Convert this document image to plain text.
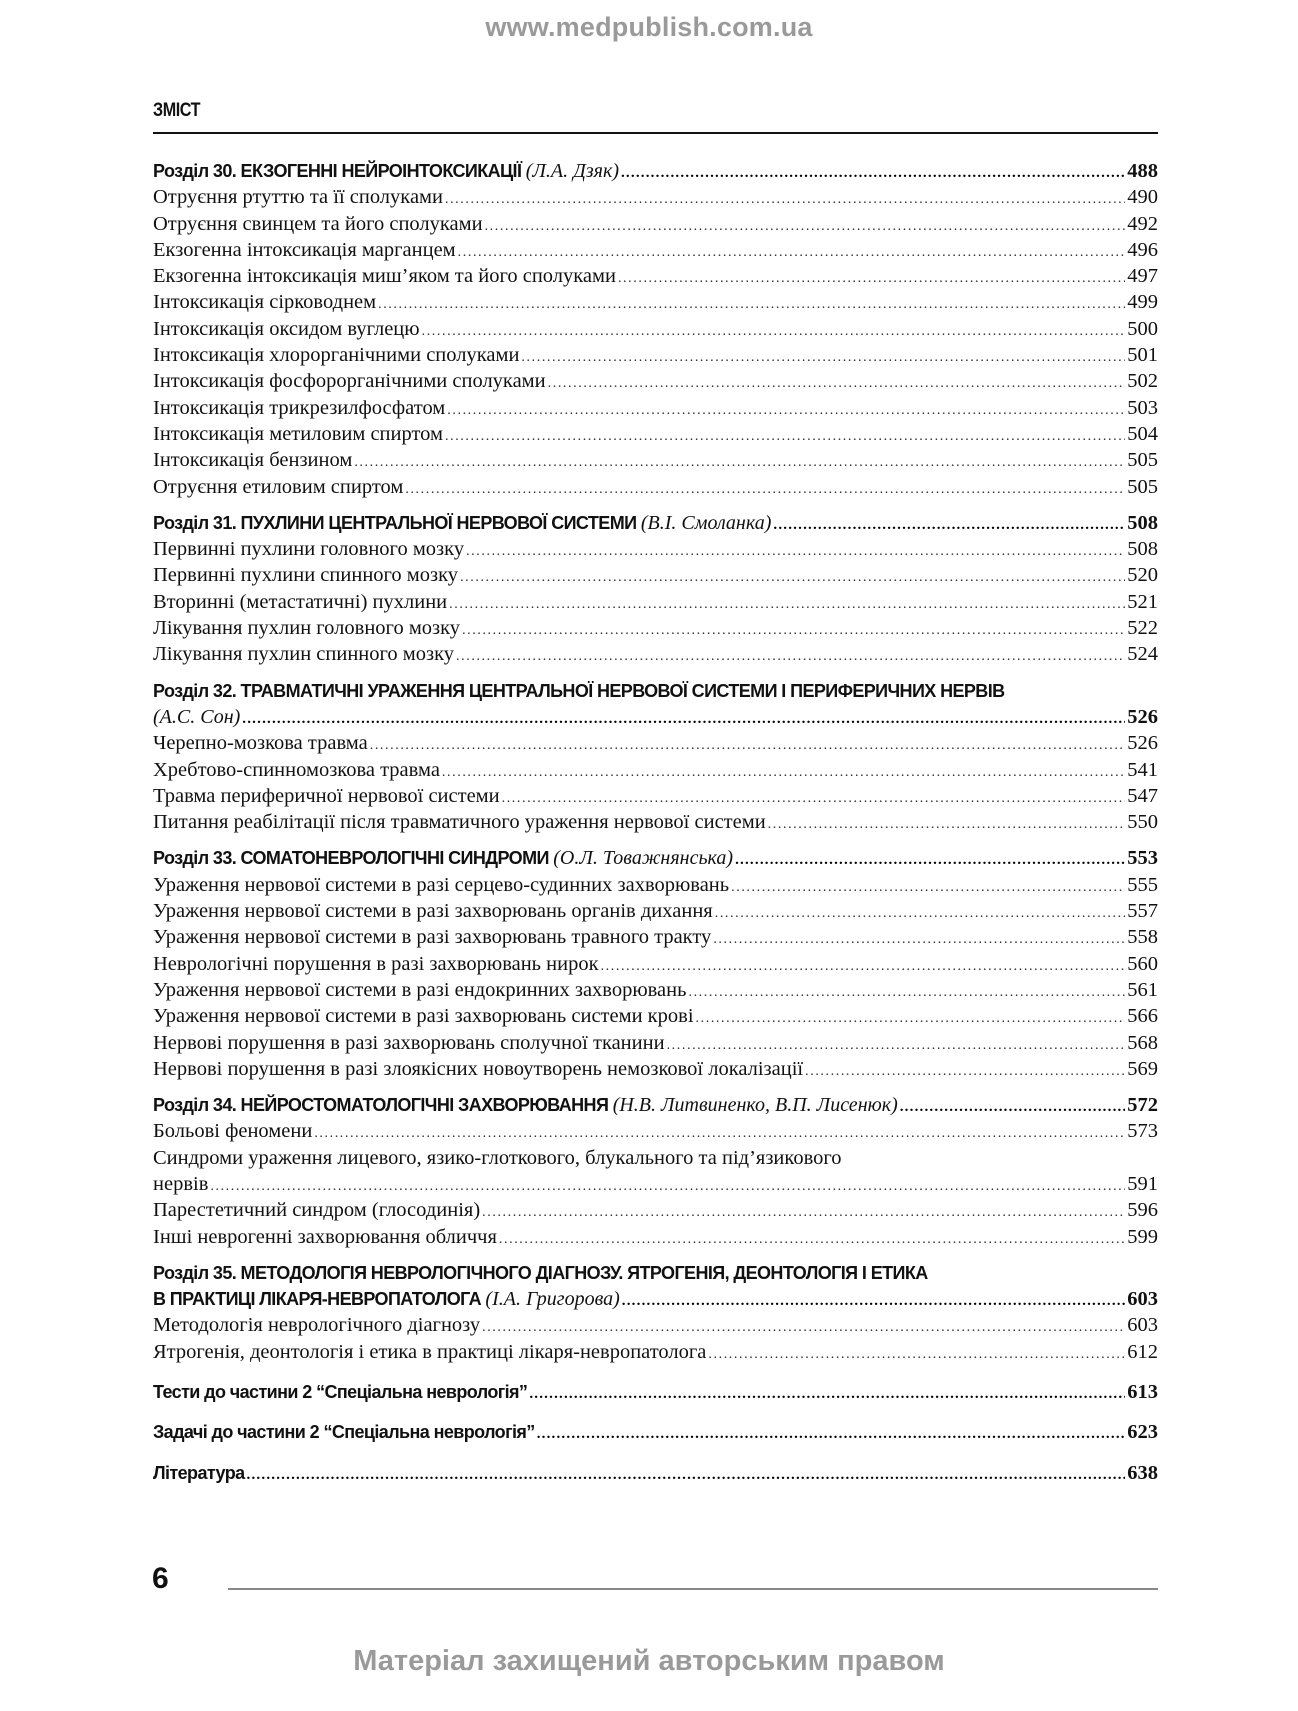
www.medpublish.com.ua
ЗМІСТ
Розділ 30. ЕКЗОГЕННІ НЕЙРОІНТОКСИКАЦІЇ (Л.А. Дзяк) .....	488
Отруєння ртуттю та її сполуками .....	490
Отруєння свинцем та його сполуками .....	492
Екзогенна інтоксикація марганцем .....	496
Екзогенна інтоксикація миш’яком та його сполуками .....	497
Інтоксикація сірководнем .....	499
Інтоксикація оксидом вуглецю .....	500
Інтоксикація хлорорганічними сполуками .....	501
Інтоксикація фосфорорганічними сполуками .....	502
Інтоксикація трикрезилфосфатом .....	503
Інтоксикація метиловим спиртом .....	504
Інтоксикація бензином .....	505
Отруєння етиловим спиртом .....	505
Розділ 31. ПУХЛИНИ ЦЕНТРАЛЬНОЇ НЕРВОВОЇ СИСТЕМИ (В.І. Смоланка) .....	508
Первинні пухлини головного мозку .....	508
Первинні пухлини спинного мозку .....	520
Вторинні (метастатичні) пухлини .....	521
Лікування пухлин головного мозку .....	522
Лікування пухлин спинного мозку .....	524
Розділ 32. ТРАВМАТИЧНІ УРАЖЕННЯ ЦЕНТРАЛЬНОЇ НЕРВОВОЇ СИСТЕМИ І ПЕРИФЕРИЧНИХ НЕРВІВ
(А.С. Сон) .....	526
Черепно-мозкова травма .....	526
Хребтово-спинномозкова травма .....	541
Травма периферичної нервової системи .....	547
Питання реабілітації після травматичного ураження нервової системи .....	550
Розділ 33. СОМАТОНЕВРОЛОГІЧНІ СИНДРОМИ (О.Л. Товажнянська) .....	553
Ураження нервової системи в разі серцево-судинних захворювань .....	555
Ураження нервової системи в разі захворювань органів дихання .....	557
Ураження нервової системи в разі захворювань травного тракту .....	558
Неврологічні порушення в разі захворювань нирок .....	560
Ураження нервової системи в разі ендокринних захворювань .....	561
Ураження нервової системи в разі захворювань системи крові .....	566
Нервові порушення в разі захворювань сполучної тканини .....	568
Нервові порушення в разі злоякісних новоутворень немозкової локалізації .....	569
Розділ 34. НЕЙРОСТОМАТОЛОГІЧНІ ЗАХВОРЮВАННЯ (Н.В. Литвиненко, В.П. Лисенюк) .....	572
Больові феномени .....	573
Синдроми ураження лицевого, язико-глоткового, блукального та під’язикового
нервів .....	591
Парестетичний синдром (глосодинія) .....	596
Інші неврогенні захворювання обличчя .....	599
Розділ 35. МЕТОДОЛОГІЯ НЕВРОЛОГІЧНОГО ДІАГНОЗУ. ЯТРОГЕНІЯ, ДЕОНТОЛОГІЯ І ЕТИКА
В ПРАКТИЦІ ЛІКАРЯ-НЕВРОПАТОЛОГА (І.А. Григорова) .....	603
Методологія неврологічного діагнозу .....	603
Ятрогенія, деонтологія і етика в практиці лікаря-невропатолога .....	612
Тести до частини 2 “Спеціальна неврологія” .....	613
Задачі до частини 2 “Спеціальна неврологія” .....	623
Література .....	638
6
Матеріал захищений авторським правом
